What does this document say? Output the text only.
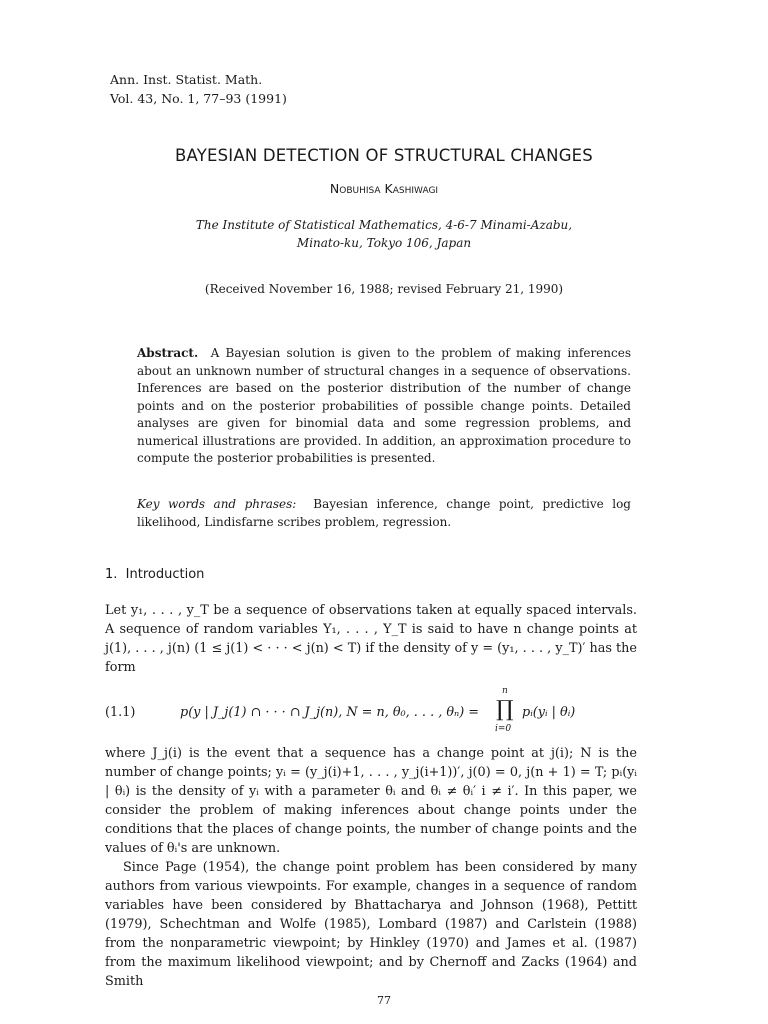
Ann. Inst. Statist. Math.
Vol. 43, No. 1, 77–93 (1991)
BAYESIAN DETECTION OF STRUCTURAL CHANGES
Nobuhisa Kashiwagi
The Institute of Statistical Mathematics, 4-6-7 Minami-Azabu,
Minato-ku, Tokyo 106, Japan
(Received November 16, 1988; revised February 21, 1990)
Abstract. A Bayesian solution is given to the problem of making inferences about an unknown number of structural changes in a sequence of observations. Inferences are based on the posterior distribution of the number of change points and on the posterior probabilities of possible change points. Detailed analyses are given for binomial data and some regression problems, and numerical illustrations are provided. In addition, an approximation procedure to compute the posterior probabilities is presented.
Key words and phrases: Bayesian inference, change point, predictive log likelihood, Lindisfarne scribes problem, regression.
1. Introduction
Let y₁, . . . , y_T be a sequence of observations taken at equally spaced intervals. A sequence of random variables Y₁, . . . , Y_T is said to have n change points at j(1), . . . , j(n) (1 ≤ j(1) < · · · < j(n) < T) if the density of y = (y₁, . . . , y_T)′ has the form
(1.1)	p(y | J_j(1) ∩ · · · ∩ J_j(n), N = n, θ₀, . . . , θₙ) =
n
∏
i=0
pᵢ(yᵢ | θᵢ)
where J_j(i) is the event that a sequence has a change point at j(i); N is the number of change points; yᵢ = (y_j(i)+1, . . . , y_j(i+1))′, j(0) = 0, j(n + 1) = T; pᵢ(yᵢ | θᵢ) is the density of yᵢ with a parameter θᵢ and θᵢ ≠ θᵢ′ i ≠ i′. In this paper, we consider the problem of making inferences about change points under the conditions that the places of change points, the number of change points and the values of θᵢ's are unknown.
Since Page (1954), the change point problem has been considered by many authors from various viewpoints. For example, changes in a sequence of random variables have been considered by Bhattacharya and Johnson (1968), Pettitt (1979), Schechtman and Wolfe (1985), Lombard (1987) and Carlstein (1988) from the nonparametric viewpoint; by Hinkley (1970) and James et al. (1987) from the maximum likelihood viewpoint; and by Chernoff and Zacks (1964) and Smith
77
